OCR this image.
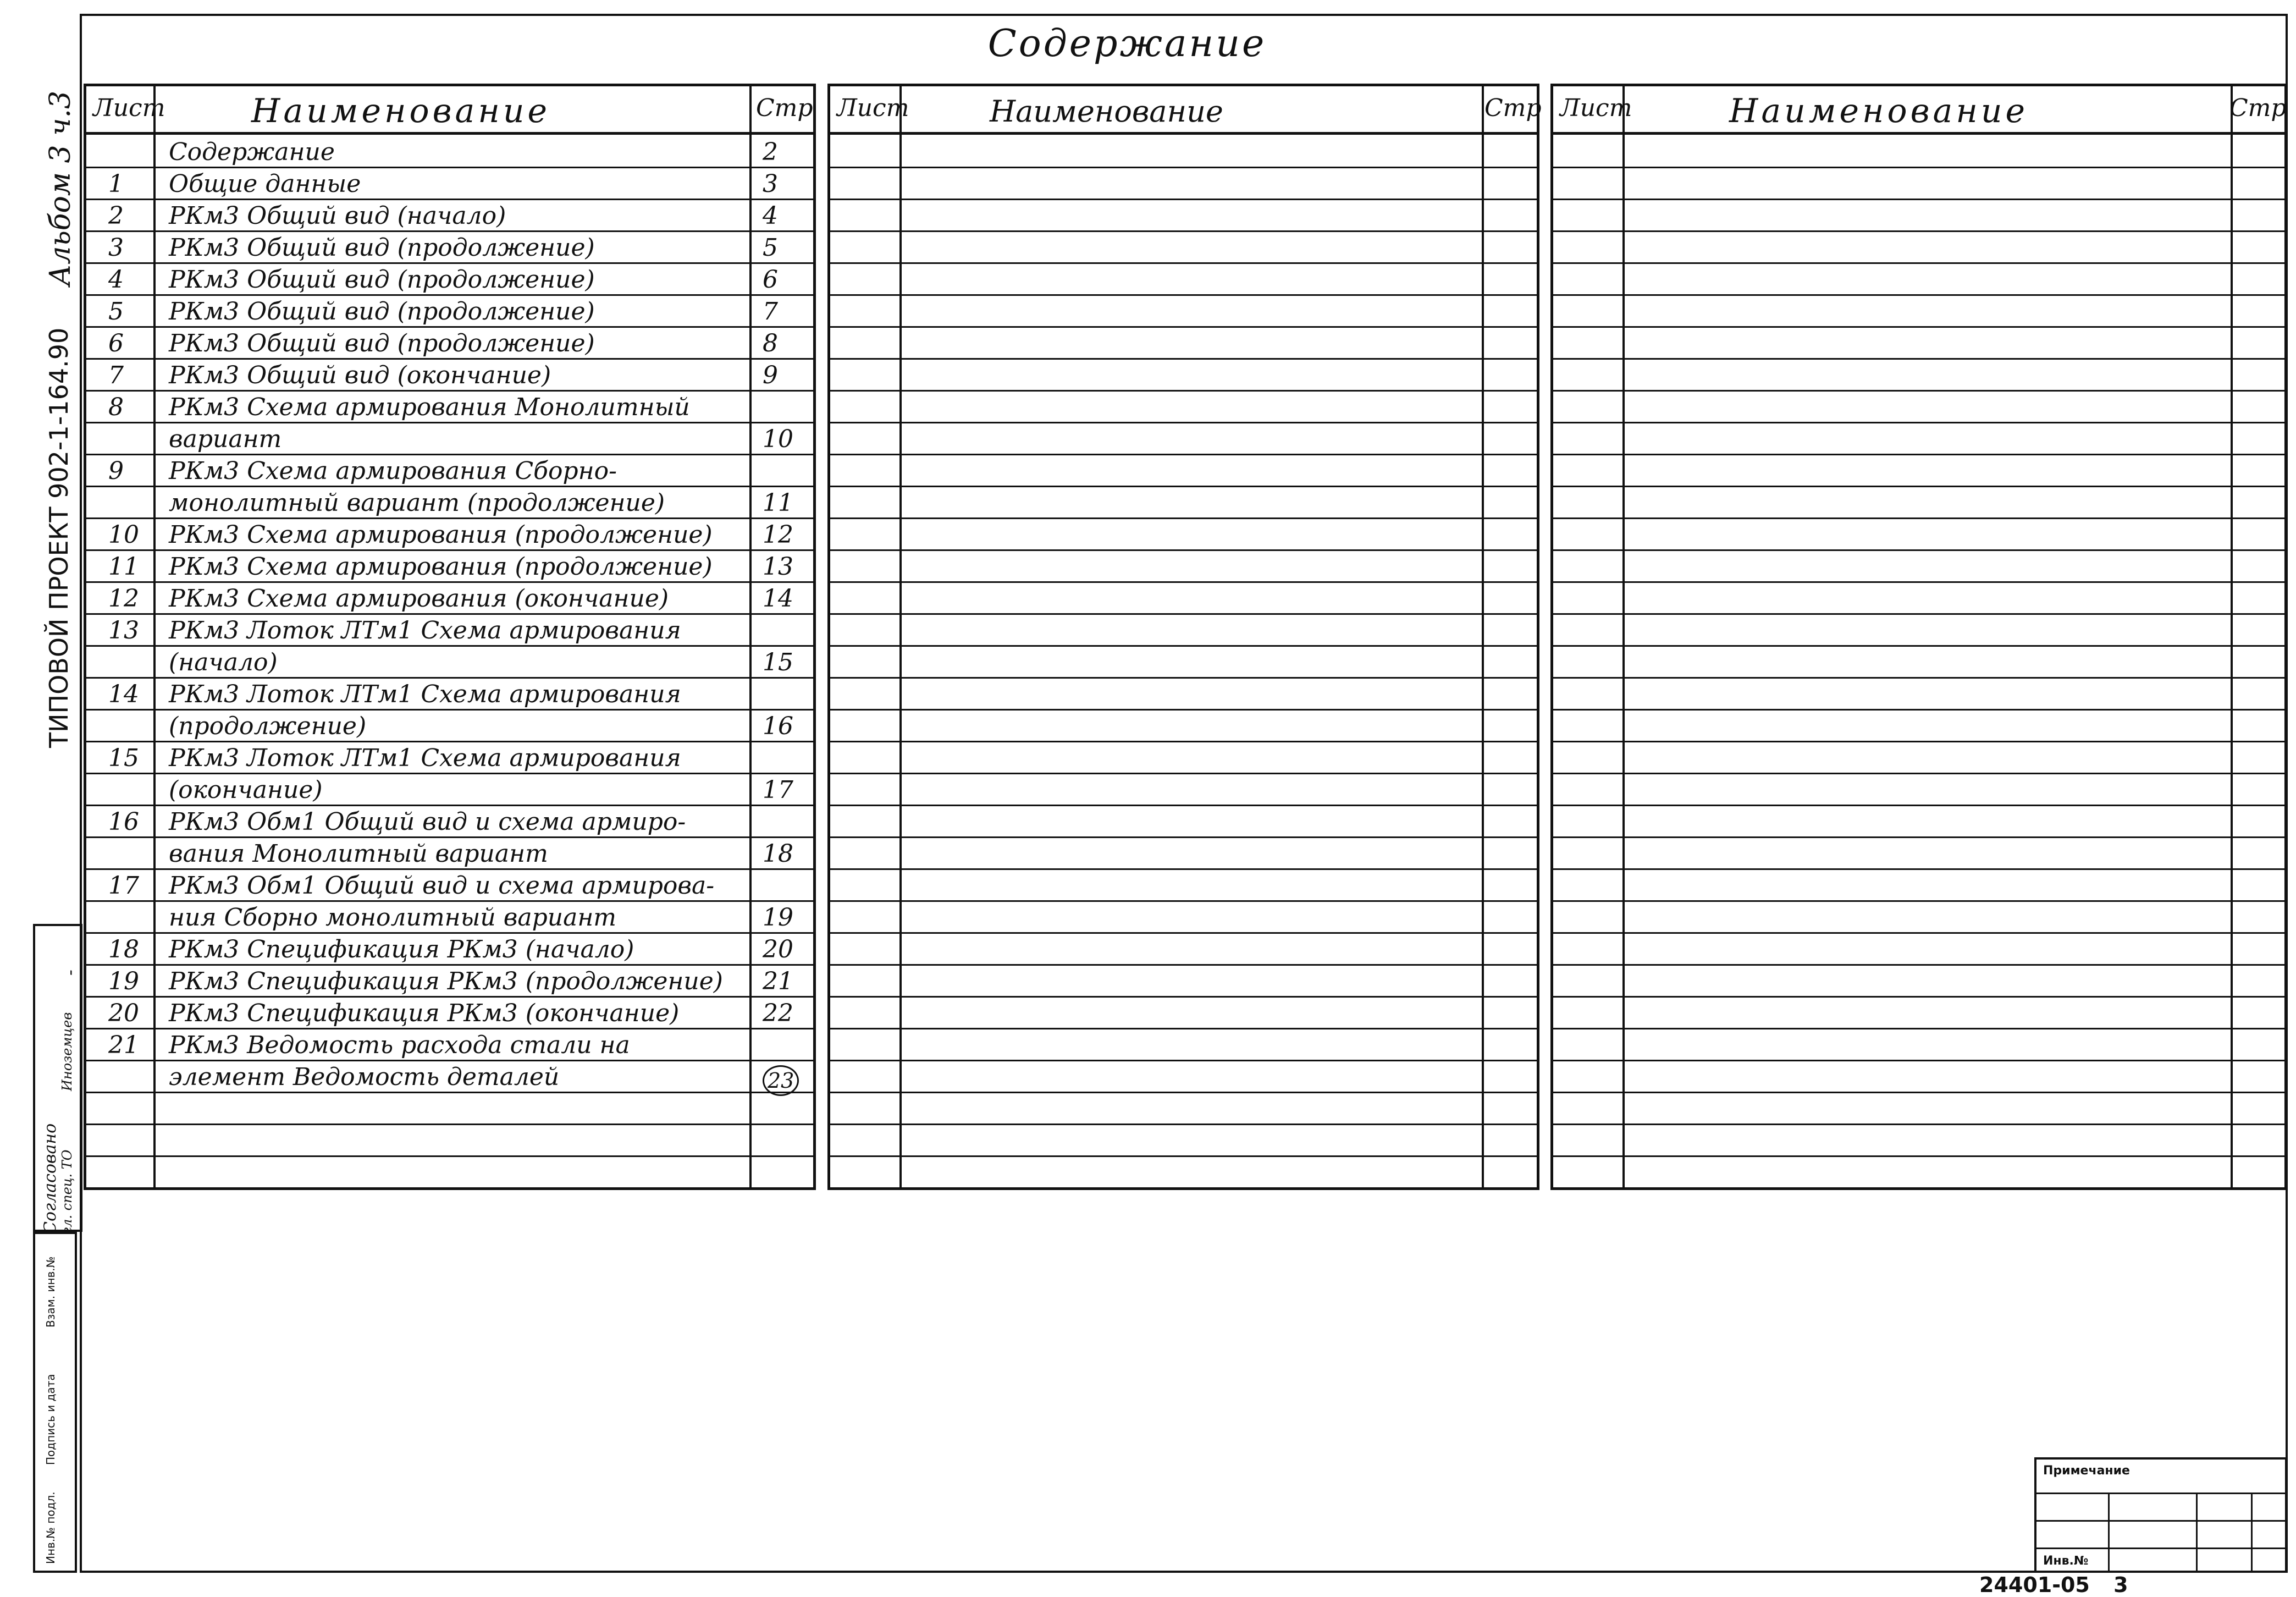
Содержание
Альбом 3 ч.3
ТИПОВОЙ ПРОЕКТ 902-1-164.90
Согласовано гл. спец. ТО
Иноземцев
-
Инв.№ подл.
Подпись и дата
Взам. инв.№
Лист	Наименование	Стр
Содержание	2
1 Общие данные	3
2 РКм3 Общий вид (начало)	4
3 РКм3 Общий вид (продолжение)	5
4 РКм3 Общий вид (продолжение)	6
5 РКм3 Общий вид (продолжение)	7
6 РКм3 Общий вид (продолжение)	8
7 РКм3 Общий вид (окончание)	9
8 РКм3 Схема армирования Монолитный
вариант	10
9 РКм3 Схема армирования Сборно-
монолитный вариант (продолжение)	11
10 РКм3 Схема армирования (продолжение) 12
11 РКм3 Схема армирования (продолжение) 13
12 РКм3 Схема армирования (окончание)	14
13 РКм3 Лоток ЛТм1 Схема армирования
(начало)	15
14 РКм3 Лоток ЛТм1 Схема армирования
(продолжение)	16
15 РКм3 Лоток ЛТм1 Схема армирования
(окончание)	17
16 РКм3 Обм1 Общий вид и схема армиро-
вания Монолитный вариант	18
17 РКм3 Обм1 Общий вид и схема армирова-
ния Сборно монолитный вариант	19
18 РКм3 Спецификация РКм3 (начало)	20
19 РКм3 Спецификация РКм3 (продолжение) 21
20 РКм3 Спецификация РКм3 (окончание)	22
21 РКм3 Ведомость расхода стали на
элемент Ведомость деталей	23
Лист	Наименование	Стр Лист	Наименование	Стр
Примечание
Инв.№
24401-05 3
